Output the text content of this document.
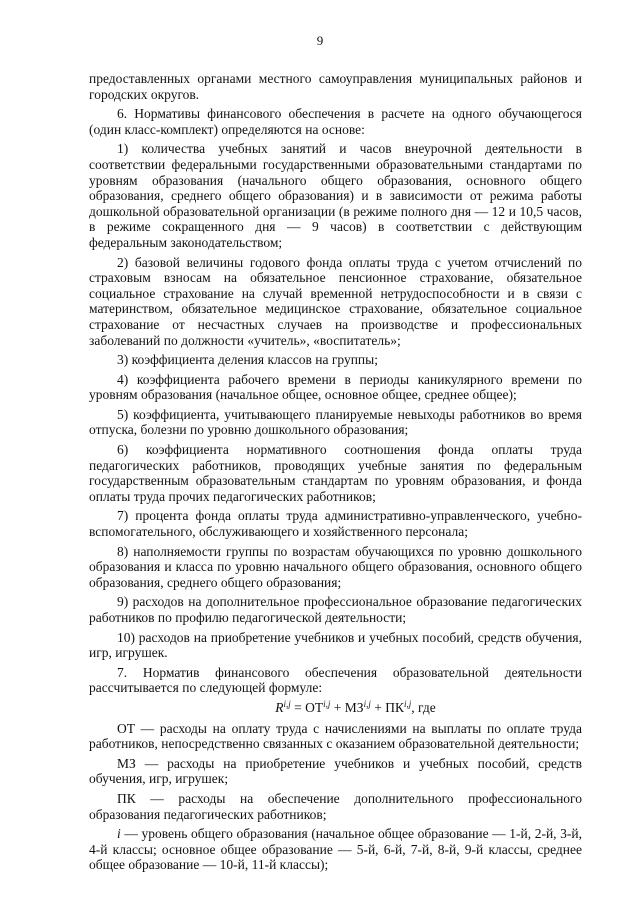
9

предоставленных органами местного самоуправления муниципальных районов и городских округов.

6. Нормативы финансового обеспечения в расчете на одного обучающегося (один класс-комплект) определяются на основе:

1) количества учебных занятий и часов внеурочной деятельности в соответствии федеральными государственными образовательными стандартами по уровням образования (начального общего образования, основного общего образования, среднего общего образования) и в зависимости от режима работы дошкольной образовательной организации (в режиме полного дня — 12 и 10,5 часов, в режиме сокращенного дня — 9 часов) в соответствии с действующим федеральным законодательством;

2) базовой величины годового фонда оплаты труда с учетом отчислений по страховым взносам на обязательное пенсионное страхование, обязательное социальное страхование на случай временной нетрудоспособности и в связи с материнством, обязательное медицинское страхование, обязательное социальное страхование от несчастных случаев на производстве и профессиональных заболеваний по должности «учитель», «воспитатель»;

3) коэффициента деления классов на группы;

4) коэффициента рабочего времени в периоды каникулярного времени по уровням образования (начальное общее, основное общее, среднее общее);

5) коэффициента, учитывающего планируемые невыходы работников во время отпуска, болезни по уровню дошкольного образования;

6) коэффициента нормативного соотношения фонда оплаты труда педагогических работников, проводящих учебные занятия по федеральным государственным образовательным стандартам по уровням образования, и фонда оплаты труда прочих педагогических работников;

7) процента фонда оплаты труда административно-управленческого, учебно-вспомогательного, обслуживающего и хозяйственного персонала;

8) наполняемости группы по возрастам обучающихся по уровню дошкольного образования и класса по уровню начального общего образования, основного общего образования, среднего общего образования;

9) расходов на дополнительное профессиональное образование педагогических работников по профилю педагогической деятельности;

10) расходов на приобретение учебников и учебных пособий, средств обучения, игр, игрушек.

7. Норматив финансового обеспечения образовательной деятельности рассчитывается по следующей формуле:

R$^{i,j}$ = ОТ$^{i,j}$ + МЗ$^{i,j}$ + ПК$^{i,j}$, где

ОТ — расходы на оплату труда с начислениями на выплаты по оплате труда работников, непосредственно связанных с оказанием образовательной деятельности;

МЗ — расходы на приобретение учебников и учебных пособий, средств обучения, игр, игрушек;

ПК — расходы на обеспечение дополнительного профессионального образования педагогических работников;

i — уровень общего образования (начальное общее образование — 1-й, 2-й, 3-й, 4-й классы; основное общее образование — 5-й, 6-й, 7-й, 8-й, 9-й классы, среднее общее образование — 10-й, 11-й классы);
